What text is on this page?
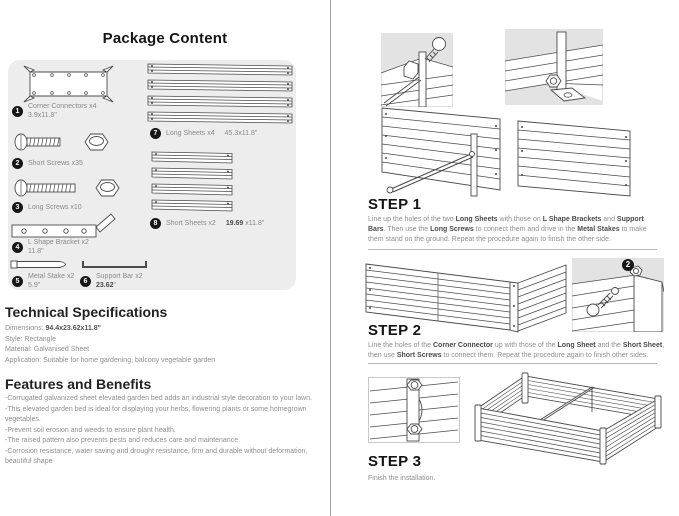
Package Content
1
Corner Connectors x4
3.9x11.8"
2	Short Screws x35
3	Long Screws x10
4
L Shape Bracket x2
11.8"
5
Metal Stake x2
5.9"
6
Support Bar x2
23.62"
7	Long Sheets x4 45.3x11.8"
8	Short Sheets x2 19.69 x11.8"
Technical Specifications
Dimensions: 94.4x23.62x11.8"
Style: Rectangle
Material: Galvanised Sheet
Application: Suitable for home gardening, balcony vegetable garden
Features and Benefits
-Corrugated galvanized sheet elevated garden bed adds an industrial style decoration to your lawn.
-This elevated garden bed is ideal for displaying your herbs, flowering plants or some homegrown vegetables.
-Prevent soil erosion and weeds to ensure plant health.
-The raised pattern also prevents pests and reduces care and maintenance.
-Corrosion resistance, water saving and drought resistance, firm and durable without deformation, beautiful shape
STEP 1
Line up the holes of the two Long Sheets with those on L Shape Brackets and Support Bars. Then use the Long Screws to connect them and drive in the Metal Stakes to make them stand on the ground. Repeat the procedure again to finish the other side.
2
STEP 2
Line the holes of the Corner Connector up with those of the Long Sheet and the Short Sheet, then use Short Screws to connect them. Repeat the procedure again to finish other sides.
STEP 3
Finish the installation.
